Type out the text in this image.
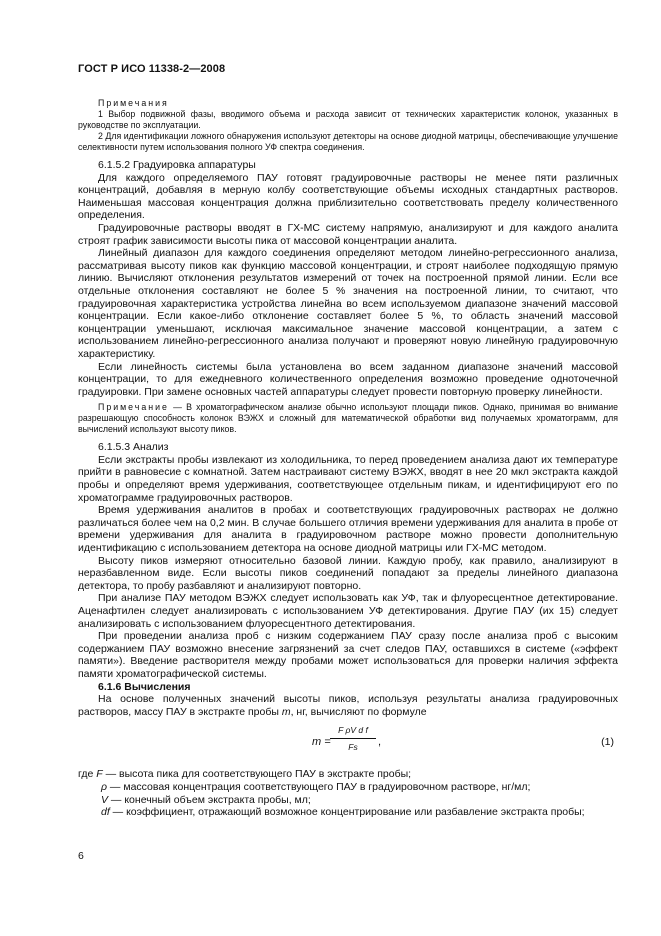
ГОСТ Р ИСО 11338-2—2008

Примечания

1 Выбор подвижной фазы, вводимого объема и расхода зависит от технических характеристик колонок, указанных в руководстве по эксплуатации.

2 Для идентификации ложного обнаружения используют детекторы на основе диодной матрицы, обеспечивающие улучшение селективности путем использования полного УФ спектра соединения.

6.1.5.2 Градуировка аппаратуры

Для каждого определяемого ПАУ готовят градуировочные растворы не менее пяти различных концентраций, добавляя в мерную колбу соответствующие объемы исходных стандартных растворов. Наименьшая массовая концентрация должна приблизительно соответствовать пределу количественного определения.

Градуировочные растворы вводят в ГХ-МС систему напрямую, анализируют и для каждого аналита строят график зависимости высоты пика от массовой концентрации аналита.

Линейный диапазон для каждого соединения определяют методом линейно-регрессионного анализа, рассматривая высоту пиков как функцию массовой концентрации, и строят наиболее подходящую прямую линию. Вычисляют отклонения результатов измерений от точек на построенной прямой линии. Если все отдельные отклонения составляют не более 5 % значения на построенной линии, то считают, что градуировочная характеристика устройства линейна во всем используемом диапазоне значений массовой концентрации. Если какое-либо отклонение составляет более 5 %, то область значений массовой концентрации уменьшают, исключая максимальное значение массовой концентрации, а затем с использованием линейно-регрессионного анализа получают и проверяют новую линейную градуировочную характеристику.

Если линейность системы была установлена во всем заданном диапазоне значений массовой концентрации, то для ежедневного количественного определения возможно проведение одноточечной градуировки. При замене основных частей аппаратуры следует провести повторную проверку линейности.

Примечание — В хроматографическом анализе обычно используют площади пиков. Однако, принимая во внимание разрешающую способность колонок ВЭЖХ и сложный для математической обработки вид получаемых хроматограмм, для вычислений используют высоту пиков.

6.1.5.3 Анализ

Если экстракты пробы извлекают из холодильника, то перед проведением анализа дают их температуре прийти в равновесие с комнатной. Затем настраивают систему ВЭЖХ, вводят в нее 20 мкл экстракта каждой пробы и определяют время удерживания, соответствующее отдельным пикам, и идентифицируют его по хроматограмме градуировочных растворов.

Время удерживания аналитов в пробах и соответствующих градуировочных растворах не должно различаться более чем на 0,2 мин. В случае большего отличия времени удерживания для аналита в пробе от времени удерживания для аналита в градуировочном растворе можно провести дополнительную идентификацию с использованием детектора на основе диодной матрицы или ГХ-МС методом.

Высоту пиков измеряют относительно базовой линии. Каждую пробу, как правило, анализируют в неразбавленном виде. Если высоты пиков соединений попадают за пределы линейного диапазона детектора, то пробу разбавляют и анализируют повторно.

При анализе ПАУ методом ВЭЖХ следует использовать как УФ, так и флуоресцентное детектирование. Аценафтилен следует анализировать с использованием УФ детектирования. Другие ПАУ (их 15) следует анализировать с использованием флуоресцентного детектирования.

При проведении анализа проб с низким содержанием ПАУ сразу после анализа проб с высоким содержанием ПАУ возможно внесение загрязнений за счет следов ПАУ, оставшихся в системе («эффект памяти»). Введение растворителя между пробами может использоваться для проверки наличия эффекта памяти хроматографической системы.

6.1.6 Вычисления

На основе полученных значений высоты пиков, используя результаты анализа градуировочных растворов, массу ПАУ в экстракте пробы m, нг, вычисляют по формуле

$m = \frac{\text{F ρV d f}}{Fs}$ ,	(1)

где F — высота пика для соответствующего ПАУ в экстракте пробы;

ρ — массовая концентрация соответствующего ПАУ в градуировочном растворе, нг/мл;

V — конечный объем экстракта пробы, мл;

df — коэффициент, отражающий возможное концентрирование или разбавление экстракта пробы;

6
